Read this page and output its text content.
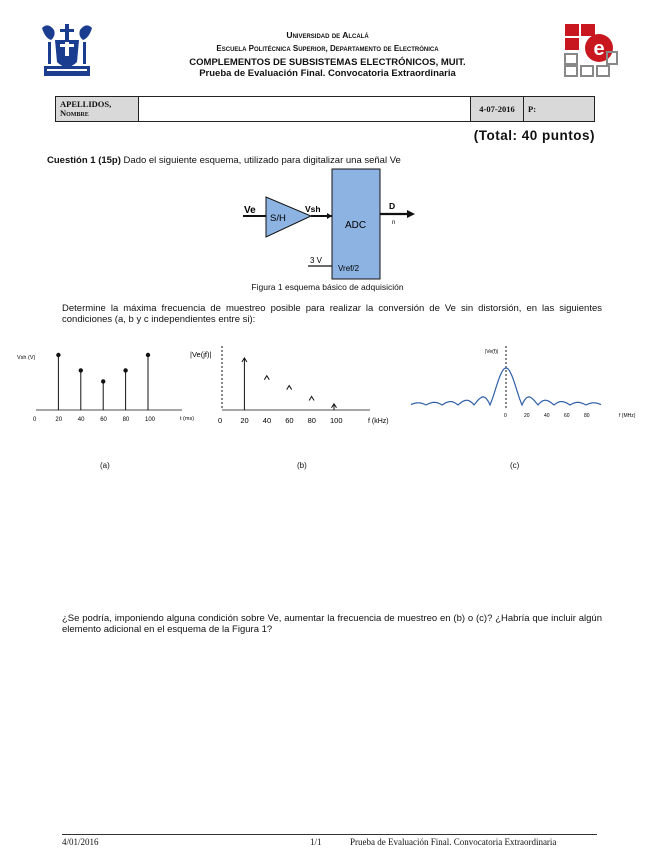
Universidad de Alcalá
Escuela Politécnica Superior, Departamento de Electrónica
COMPLEMENTOS DE SUBSISTEMAS ELECTRÓNICOS, MUIT.
Prueba de Evaluación Final. Convocatoria Extraordinaria
e
APELLIDOS,
Nombre		4-07-2016	P:
(Total: 40 puntos)
Cuestión 1 (15p) Dado el siguiente esquema, utilizado para digitalizar una señal Ve
Ve
S/H
Vsh
ADC
D
n
3 V
Vref/2
Figura 1 esquema básico de adquisición
Determine la máxima frecuencia de muestreo posible para realizar la conversión de Ve sin distorsión, en las siguientes condiciones (a, b y c independientes entre si):
Vsh (V)
0	20	40	60	80	100	t (ms)
(a)
|Ve(jf)|
0 20 40 60 80 100	f (kHz)
(b)
|Ve(f)|
0	20	40	60	80	f (MHz)
(c)
¿Se podría, imponiendo alguna condición sobre Ve, aumentar la frecuencia de muestreo en (b) o (c)? ¿Habría que incluir algún elemento adicional en el esquema de la Figura 1?
4/01/2016	1/1	Prueba de Evaluación Final. Convocatoria Extraordinaria
